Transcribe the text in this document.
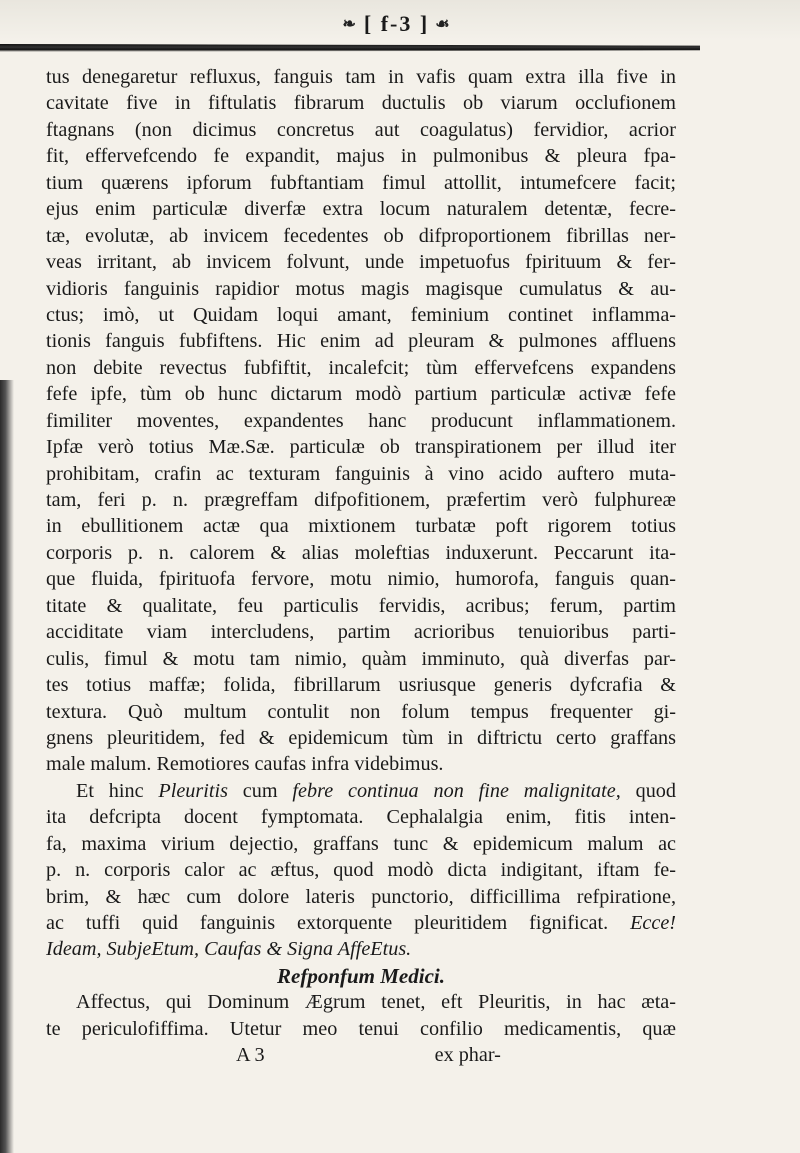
❧ [ f-3 ] ☙
tus denegaretur refluxus, fanguis tam in vafis quam extra illa five in
cavitate five in fiftulatis fibrarum ductulis ob viarum occlufionem
ftagnans (non dicimus concretus aut coagulatus) fervidior, acrior
fit, effervefcendo fe expandit, majus in pulmonibus & pleura fpa-
tium quærens ipforum fubftantiam fimul attollit, intumefcere facit;
ejus enim particulæ diverfæ extra locum naturalem detentæ, fecre-
tæ, evolutæ, ab invicem fecedentes ob difproportionem fibrillas ner-
veas irritant, ab invicem folvunt, unde impetuofus fpirituum & fer-
vidioris fanguinis rapidior motus magis magisque cumulatus & au-
ctus; imò, ut Quidam loqui amant, feminium continet inflamma-
tionis fanguis fubfiftens. Hic enim ad pleuram & pulmones affluens
non debite revectus fubfiftit, incalefcit; tùm effervefcens expandens
fefe ipfe, tùm ob hunc dictarum modò partium particulæ activæ fefe
fimiliter moventes, expandentes hanc producunt inflammationem.
Ipfæ verò totius Mæ.Sæ. particulæ ob transpirationem per illud iter
prohibitam, crafin ac texturam fanguinis à vino acido auftero muta-
tam, feri p. n. prægreffam difpofitionem, præfertim verò fulphureæ
in ebullitionem actæ qua mixtionem turbatæ poft rigorem totius
corporis p. n. calorem & alias moleftias induxerunt. Peccarunt ita-
que fluida, fpirituofa fervore, motu nimio, humorofa, fanguis quan-
titate & qualitate, feu particulis fervidis, acribus; ferum, partim
acciditate viam intercludens, partim acrioribus tenuioribus parti-
culis, fimul & motu tam nimio, quàm imminuto, quà diverfas par-
tes totius maffæ; folida, fibrillarum usriusque generis dyfcrafia &
textura. Quò multum contulit non folum tempus frequenter gi-
gnens pleuritidem, fed & epidemicum tùm in diftrictu certo graffans
male malum. Remotiores caufas infra videbimus.
Et hinc Pleuritis cum febre continua non fine malignitate, quod
ita defcripta docent fymptomata. Cephalalgia enim, fitis inten-
fa, maxima virium dejectio, graffans tunc & epidemicum malum ac
p. n. corporis calor ac æftus, quod modò dicta indigitant, iftam fe-
brim, & hæc cum dolore lateris punctorio, difficillima refpiratione,
ac tuffi quid fanguinis extorquente pleuritidem fignificat. Ecce!
Ideam, SubjeEtum, Caufas & Signa AffeEtus.
Refponfum Medici.
Affectus, qui Dominum Ægrum tenet, eft Pleuritis, in hac æta-
te periculofiffima. Utetur meo tenui confilio medicamentis, quæ
A 3	ex phar-
